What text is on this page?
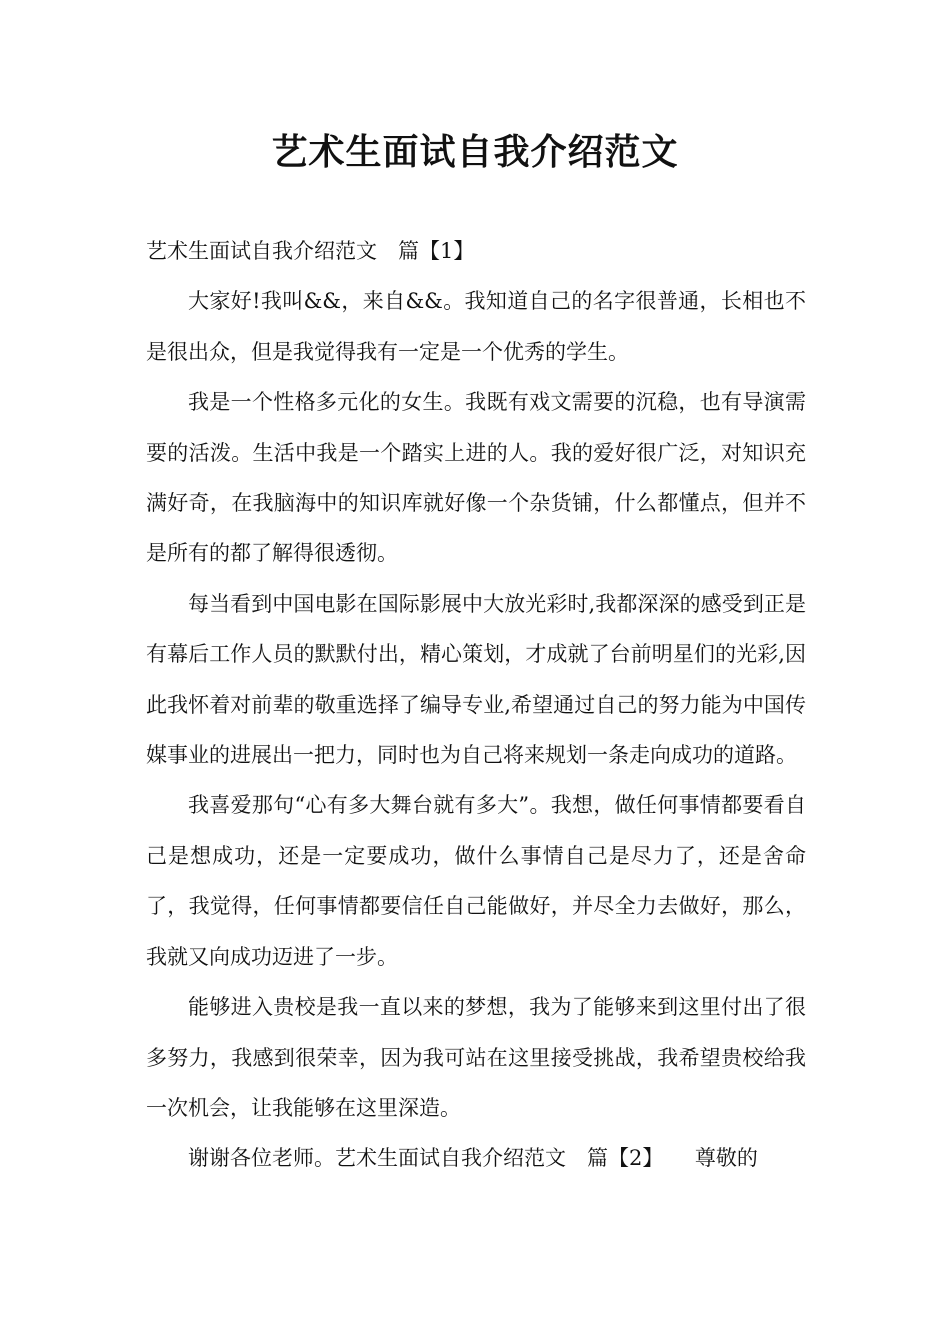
艺术生面试自我介绍范文

艺术生面试自我介绍范文　篇【1】

大家好!我叫&&，来自&&。我知道自己的名字很普通，长相也不是很出众，但是我觉得我有一定是一个优秀的学生。

我是一个性格多元化的女生。我既有戏文需要的沉稳，也有导演需要的活泼。生活中我是一个踏实上进的人。我的爱好很广泛，对知识充满好奇，在我脑海中的知识库就好像一个杂货铺，什么都懂点，但并不是所有的都了解得很透彻。

每当看到中国电影在国际影展中大放光彩时,我都深深的感受到正是有幕后工作人员的默默付出，精心策划，才成就了台前明星们的光彩,因此我怀着对前辈的敬重选择了编导专业,希望通过自己的努力能为中国传媒事业的进展出一把力，同时也为自己将来规划一条走向成功的道路。

我喜爱那句“心有多大舞台就有多大”。我想，做任何事情都要看自己是想成功，还是一定要成功，做什么事情自己是尽力了，还是舍命了，我觉得，任何事情都要信任自己能做好，并尽全力去做好，那么，我就又向成功迈进了一步。

能够进入贵校是我一直以来的梦想，我为了能够来到这里付出了很多努力，我感到很荣幸，因为我可站在这里接受挑战，我希望贵校给我一次机会，让我能够在这里深造。

谢谢各位老师。艺术生面试自我介绍范文　篇【2】　　尊敬的
